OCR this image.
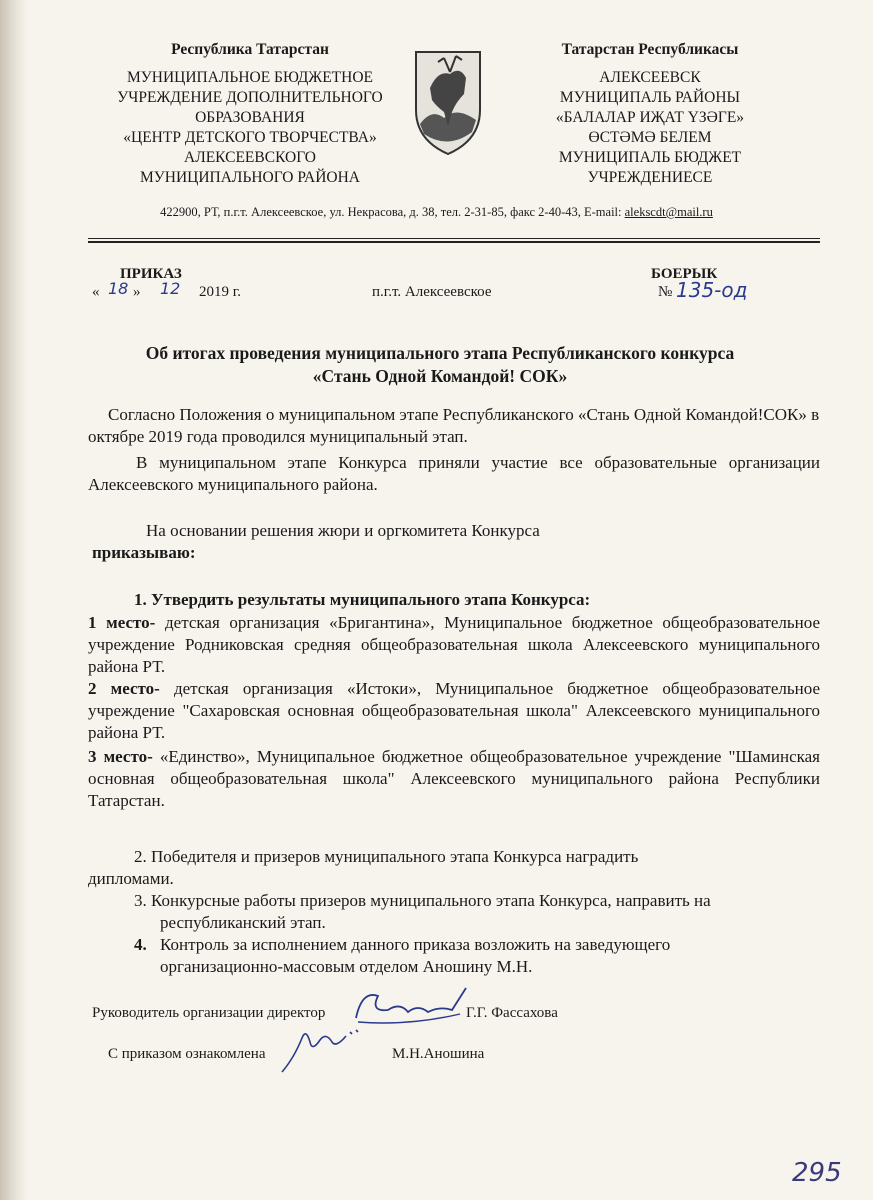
Республика Татарстан
МУНИЦИПАЛЬНОЕ БЮДЖЕТНОЕ
УЧРЕЖДЕНИЕ ДОПОЛНИТЕЛЬНОГО
ОБРАЗОВАНИЯ
«ЦЕНТР ДЕТСКОГО ТВОРЧЕСТВА»
АЛЕКСЕЕВСКОГО
МУНИЦИПАЛЬНОГО РАЙОНА
Татарстан Республикасы
АЛЕКСЕЕВСК
МУНИЦИПАЛЬ РАЙОНЫ
«БАЛАЛАР ИҖАТ ҮЗӘГЕ»
ӨСТӘМӘ БЕЛЕМ
МУНИЦИПАЛЬ БЮДЖЕТ
УЧРЕЖДЕНИЕСЕ
422900, РТ, п.г.т. Алексеевское, ул. Некрасова, д. 38, тел. 2-31-85, факс 2-40-43, E-mail: alekscdt@mail.ru
ПРИКАЗ	БОЕРЫК
« 18 » 12 2019 г.	п.г.т. Алексеевское	№ 135-од
Об итогах проведения муниципального этапа Республиканского конкурса
«Стань Одной Командой! СОК»
Согласно Положения о муниципальном этапе Республиканского «Стань Одной Командой!СОК» в октябре 2019 года проводился муниципальный этап.
В муниципальном этапе Конкурса приняли участие все образовательные организации Алексеевского муниципального района.
На основании решения жюри и оргкомитета Конкурса
приказываю:
1. Утвердить результаты муниципального этапа Конкурса:
1 место- детская организация «Бригантина», Муниципальное бюджетное общеобразовательное учреждение Родниковская средняя общеобразовательная школа Алексеевского муниципального района РТ.
2 место- детская организация «Истоки», Муниципальное бюджетное общеобразовательное учреждение "Сахаровская основная общеобразовательная школа" Алексеевского муниципального района РТ.
3 место- «Единство», Муниципальное бюджетное общеобразовательное учреждение "Шаминская основная общеобразовательная школа" Алексеевского муниципального района Республики Татарстан.
2. Победителя и призеров муниципального этапа Конкурса наградить
дипломами.
3. Конкурсные работы призеров муниципального этапа Конкурса, направить на
республиканский этап.
4. Контроль за исполнением данного приказа возложить на заведующего
организационно-массовым отделом Аношину М.Н.
Руководитель организации директор	Г.Г. Фассахова
С приказом ознакомлена	М.Н.Аношина
295
